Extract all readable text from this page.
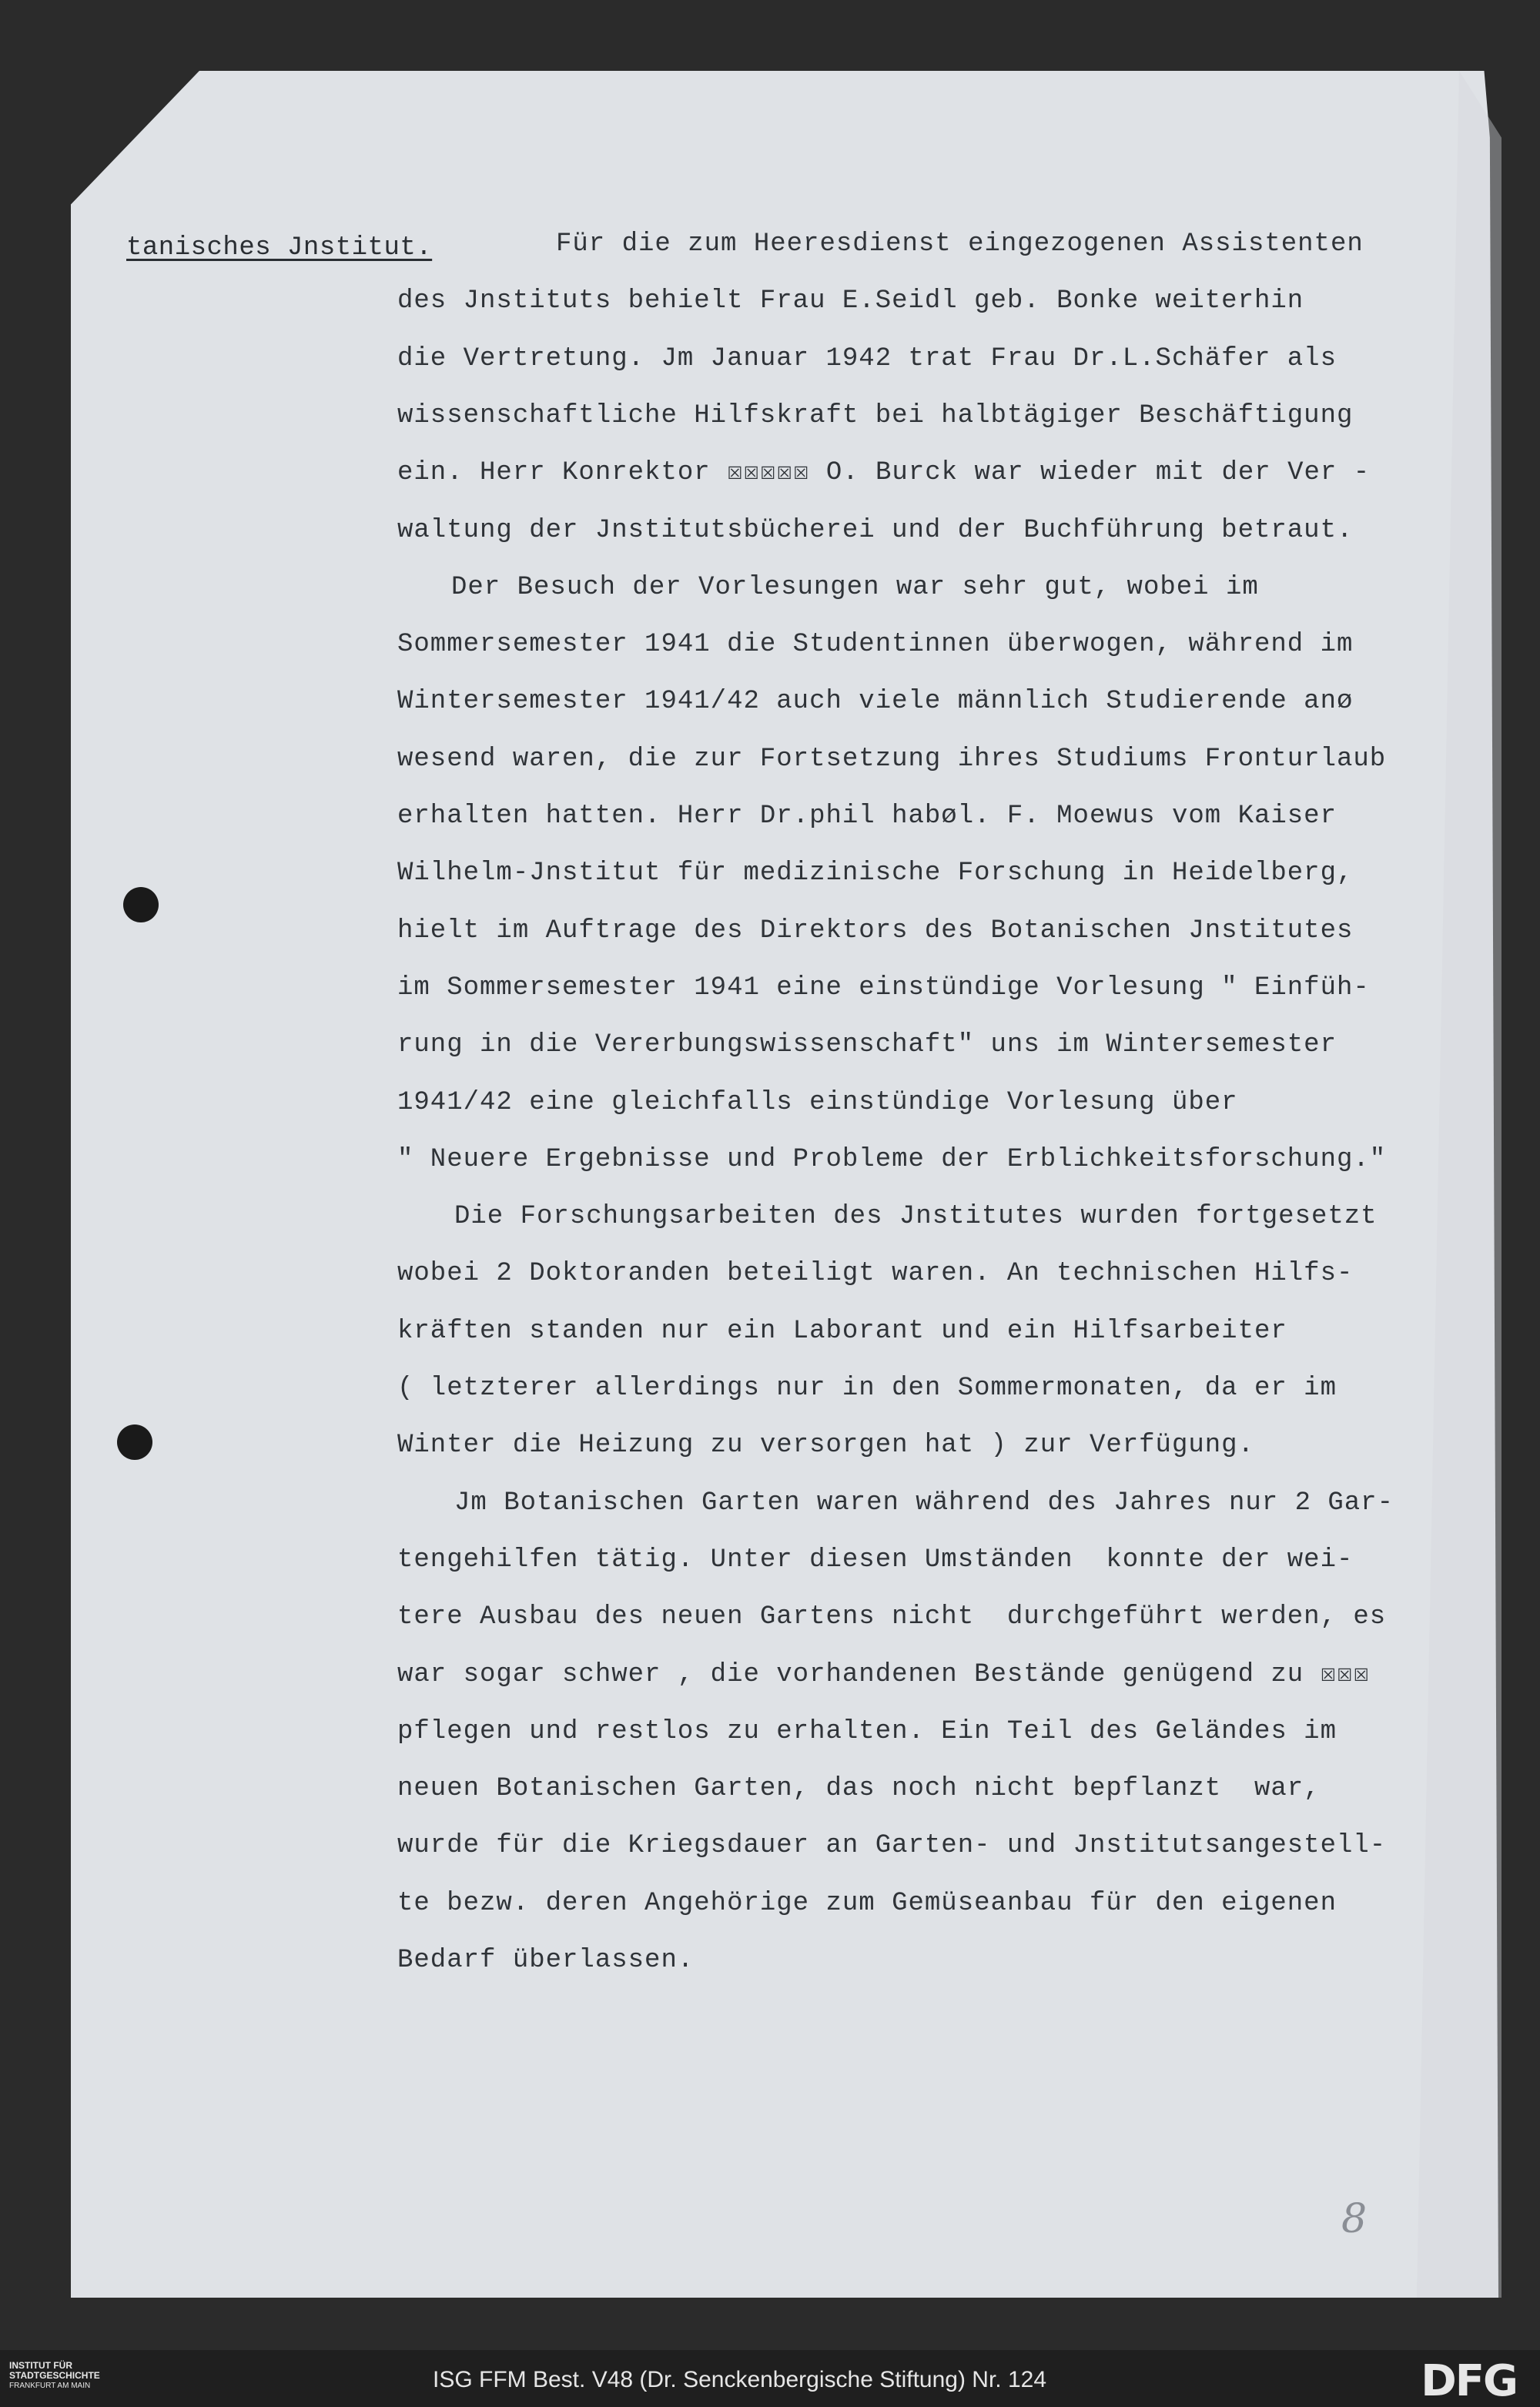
tanisches Jnstitut.	Für die zum Heeresdienst eingezogenen Assistenten
des Jnstituts behielt Frau E.Seidl geb. Bonke weiterhin
die Vertretung. Jm Januar 1942 trat Frau Dr.L.Schäfer als
wissenschaftliche Hilfskraft bei halbtägiger Beschäftigung
ein. Herr Konrektor ☒☒☒☒☒ O. Burck war wieder mit der Ver -
waltung der Jnstitutsbücherei und der Buchführung betraut.
Der Besuch der Vorlesungen war sehr gut, wobei im
Sommersemester 1941 die Studentinnen überwogen, während im
Wintersemester 1941/42 auch viele männlich Studierende anø
wesend waren, die zur Fortsetzung ihres Studiums Fronturlaub
erhalten hatten. Herr Dr.phil habøl. F. Moewus vom Kaiser
Wilhelm-Jnstitut für medizinische Forschung in Heidelberg,
hielt im Auftrage des Direktors des Botanischen Jnstitutes
im Sommersemester 1941 eine einstündige Vorlesung " Einfüh-
rung in die Vererbungswissenschaft" uns im Wintersemester
1941/42 eine gleichfalls einstündige Vorlesung über
" Neuere Ergebnisse und Probleme der Erblichkeitsforschung."
Die Forschungsarbeiten des Jnstitutes wurden fortgesetzt
wobei 2 Doktoranden beteiligt waren. An technischen Hilfs-
kräften standen nur ein Laborant und ein Hilfsarbeiter
( letzterer allerdings nur in den Sommermonaten, da er im
Winter die Heizung zu versorgen hat ) zur Verfügung.
Jm Botanischen Garten waren während des Jahres nur 2 Gar-
tengehilfen tätig. Unter diesen Umständen  konnte der wei-
tere Ausbau des neuen Gartens nicht  durchgeführt werden, es
war sogar schwer , die vorhandenen Bestände genügend zu ☒☒☒
pflegen und restlos zu erhalten. Ein Teil des Geländes im
neuen Botanischen Garten, das noch nicht bepflanzt  war,
wurde für die Kriegsdauer an Garten- und Jnstitutsangestell-
te bezw. deren Angehörige zum Gemüseanbau für den eigenen
Bedarf überlassen.
8
INSTITUT FÜR
STADTGESCHICHTE
FRANKFURT AM MAIN	ISG FFM Best. V48 (Dr. Senckenbergische Stiftung) Nr. 124	DFG
